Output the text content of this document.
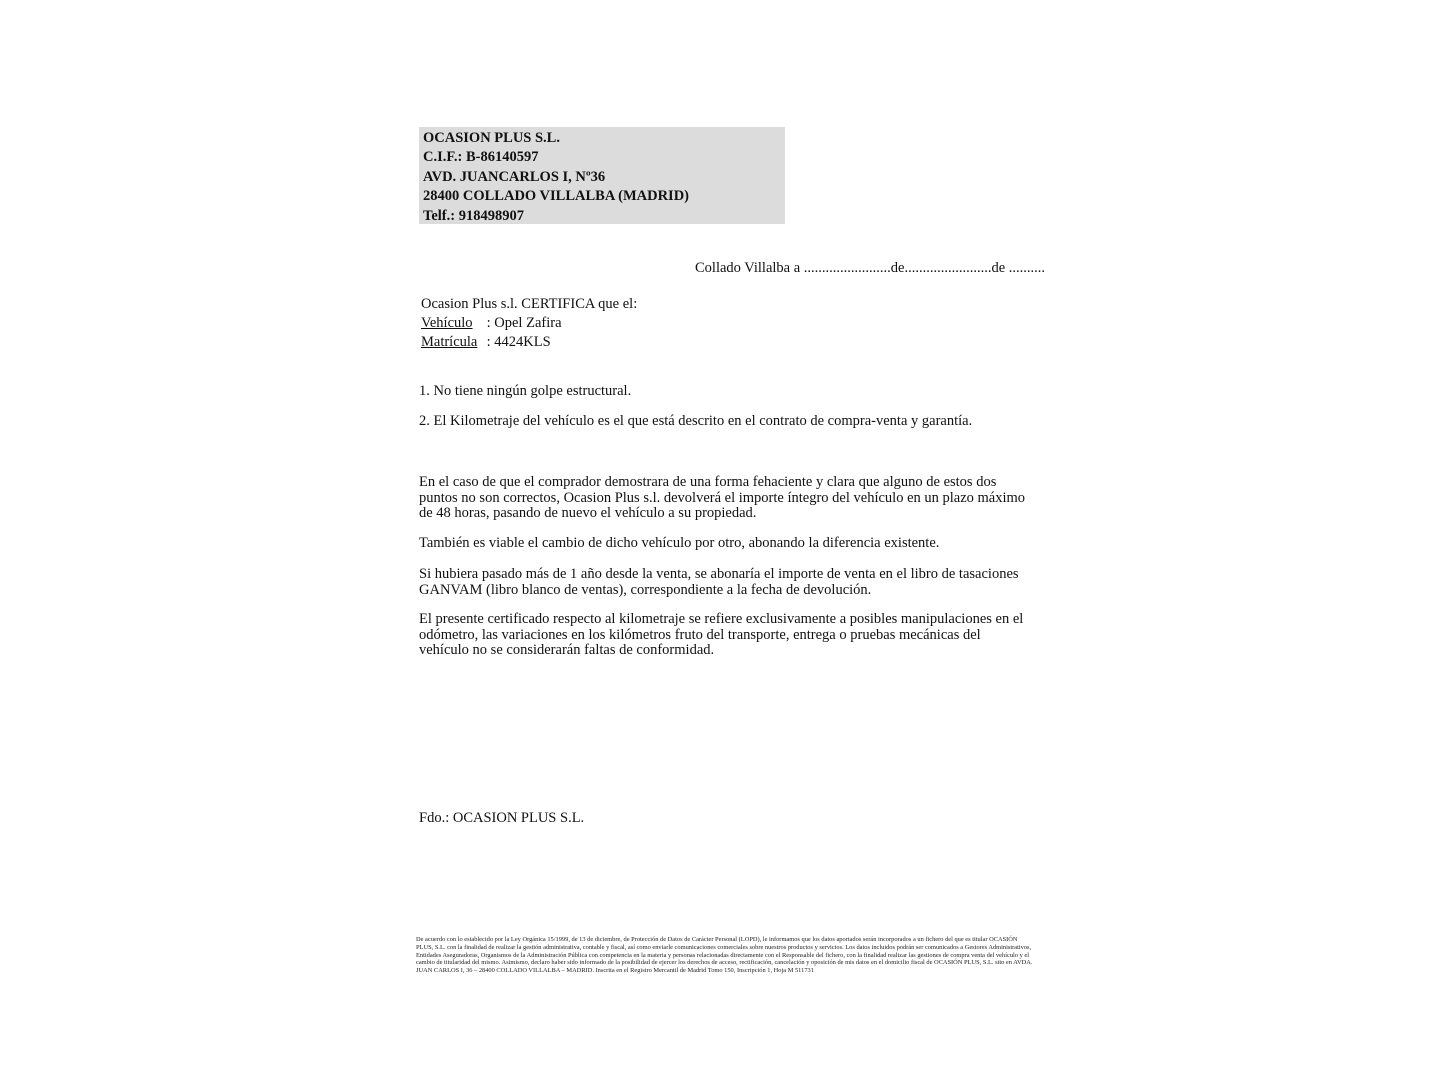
OCASION PLUS S.L.
C.I.F.: B-86140597
AVD. JUANCARLOS I, Nº36
28400 COLLADO VILLALBA (MADRID)
Telf.: 918498907
Collado Villalba a ........................de........................de ..........
Ocasion Plus s.l. CERTIFICA que el:
Vehículo : Opel Zafira
Matrícula : 4424KLS
1. No tiene ningún golpe estructural.
2. El Kilometraje del vehículo es el que está descrito en el contrato de compra-venta y garantía.

En el caso de que el comprador demostrara de una forma fehaciente y clara que alguno de estos dos puntos no son correctos, Ocasion Plus s.l. devolverá el importe íntegro del vehículo en un plazo máximo de 48 horas, pasando de nuevo el vehículo a su propiedad.

También es viable el cambio de dicho vehículo por otro, abonando la diferencia existente.

Si hubiera pasado más de 1 año desde la venta, se abonaría el importe de venta en el libro de tasaciones GANVAM (libro blanco de ventas), correspondiente a la fecha de devolución.

El presente certificado respecto al kilometraje se refiere exclusivamente a posibles manipulaciones en el odómetro, las variaciones en los kilómetros fruto del transporte, entrega o pruebas mecánicas del vehículo no se considerarán faltas de conformidad.

Fdo.: OCASION PLUS S.L.

De acuerdo con lo establecido por la Ley Orgánica 15/1999, de 13 de diciembre, de Protección de Datos de Carácter Personal (LOPD), le informamos que los datos aportados serán incorporados a un fichero del que es titular OCASIÓN PLUS, S.L. con la finalidad de realizar la gestión administrativa, contable y fiscal, así como enviarle comunicaciones comerciales sobre nuestros productos y servicios. Los datos incluidos podrán ser comunicados a Gestores Administrativos, Entidades Aseguradoras, Organismos de la Administración Pública con competencia en la materia y personas relacionadas directamente con el Responsable del fichero, con la finalidad realizar las gestiones de compra venta del vehículo y el cambio de titularidad del mismo. Asimismo, declaro haber sido informado de la posibilidad de ejercer los derechos de acceso, rectificación, cancelación y oposición de mis datos en el domicilio fiscal de OCASIÓN PLUS, S.L. sito en AVDA. JUAN CARLOS I, 36 – 28400 COLLADO VILLALBA – MADRID. Inscrita en el Registro Mercantil de Madrid Tomo 150, Inscripción 1, Hoja M 511731
